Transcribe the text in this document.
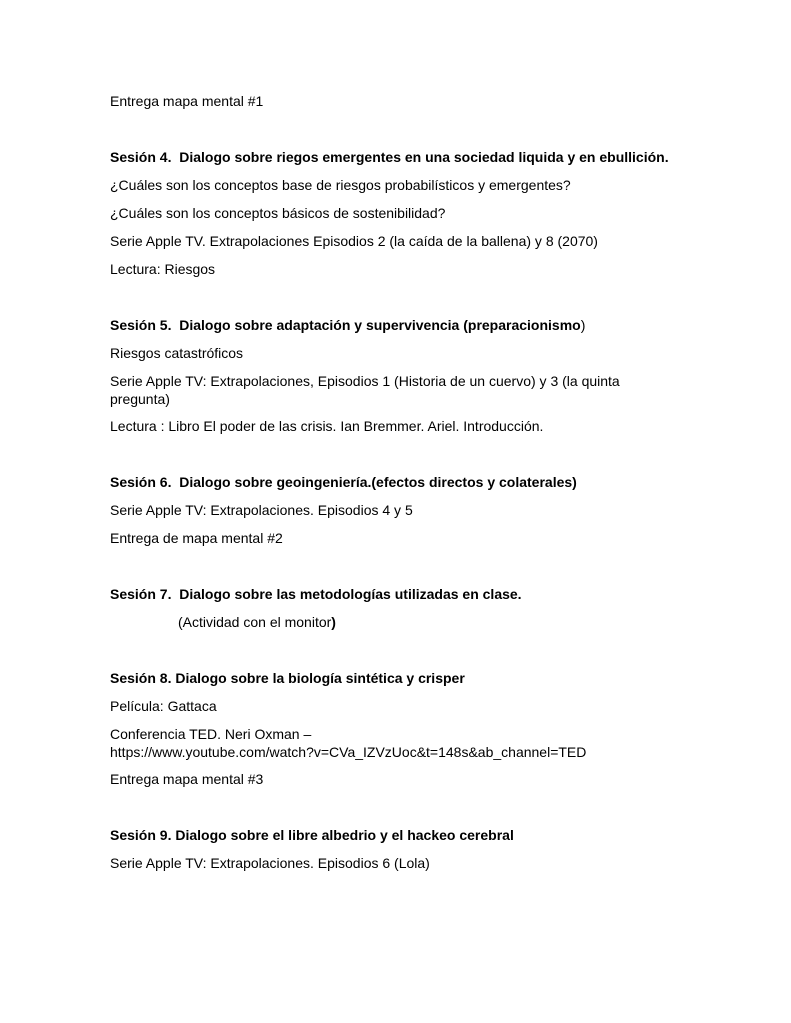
Entrega mapa mental #1
Sesión 4. Dialogo sobre riegos emergentes en una sociedad liquida y en ebullición.
¿Cuáles son los conceptos base de riesgos probabilísticos y emergentes?
¿Cuáles son los conceptos básicos de sostenibilidad?
Serie Apple TV. Extrapolaciones Episodios 2 (la caída de la ballena) y 8 (2070)
Lectura: Riesgos
Sesión 5. Dialogo sobre adaptación y supervivencia (preparacionismo)
Riesgos catastróficos
Serie Apple TV: Extrapolaciones, Episodios 1 (Historia de un cuervo) y 3 (la quinta
pregunta)
Lectura : Libro El poder de las crisis. Ian Bremmer. Ariel. Introducción.
Sesión 6. Dialogo sobre geoingeniería.(efectos directos y colaterales)
Serie Apple TV: Extrapolaciones. Episodios 4 y 5
Entrega de mapa mental #2
Sesión 7. Dialogo sobre las metodologías utilizadas en clase.
(Actividad con el monitor)
Sesión 8. Dialogo sobre la biología sintética y crisper
Película: Gattaca
Conferencia TED. Neri Oxman –
https://www.youtube.com/watch?v=CVa_IZVzUoc&t=148s&ab_channel=TED
Entrega mapa mental #3
Sesión 9. Dialogo sobre el libre albedrio y el hackeo cerebral
Serie Apple TV: Extrapolaciones. Episodios 6 (Lola)
